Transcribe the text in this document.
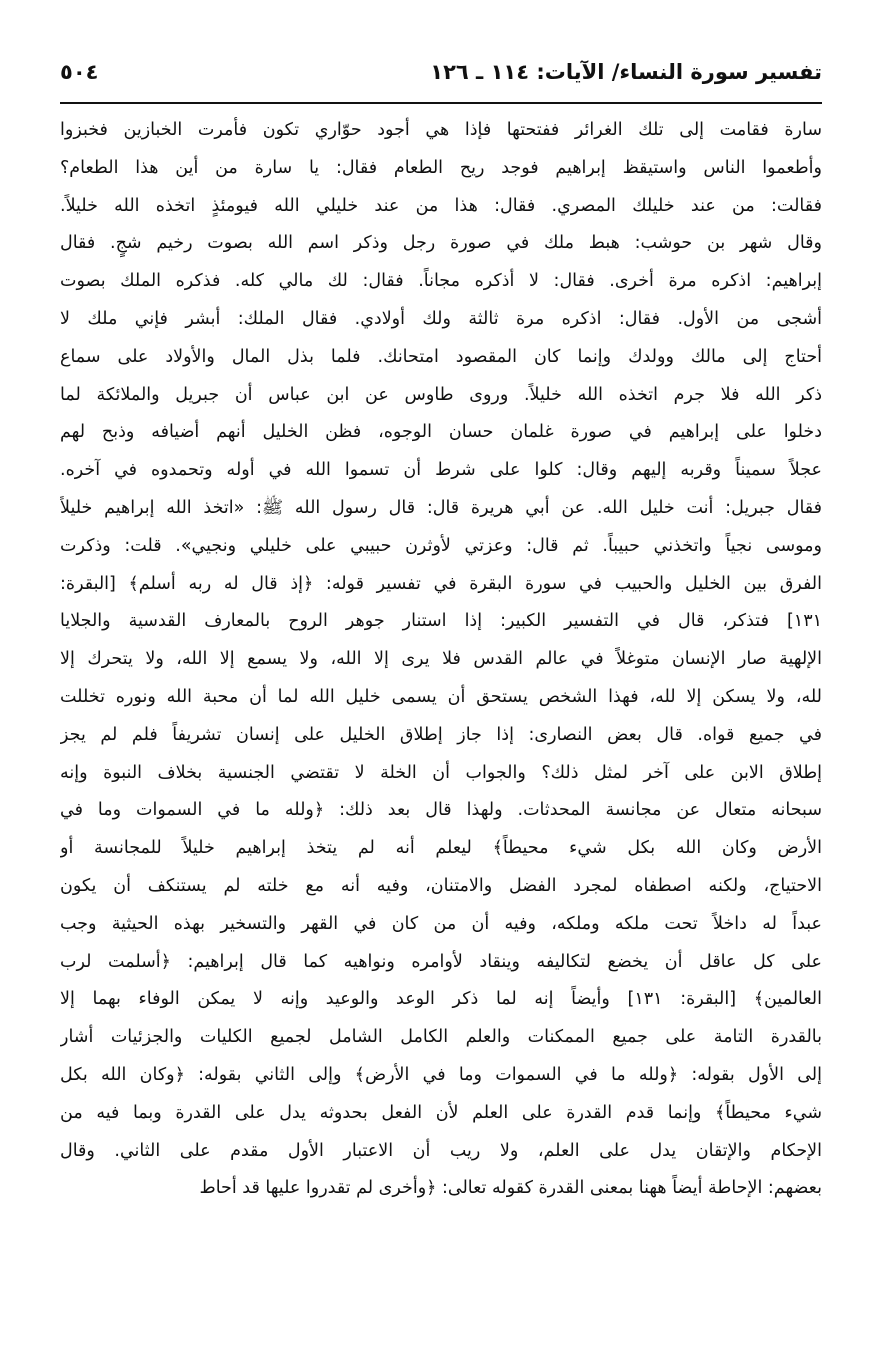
تفسير سورة النساء/ الآيات: ١١٤ ـ ١٢٦
٥٠٤
سارة فقامت إلى تلك الغرائر ففتحتها فإذا هي أجود حوّاري تكون فأمرت الخبازين فخبزوا
وأطعموا الناس واستيقظ إبراهيم فوجد ريح الطعام فقال: يا سارة من أين هذا الطعام؟
فقالت: من عند خليلك المصري. فقال: هذا من عند خليلي الله فيومئذٍ اتخذه الله خليلاً.
وقال شهر بن حوشب: هبط ملك في صورة رجل وذكر اسم الله بصوت رخيم شجٍ. فقال
إبراهيم: اذكره مرة أخرى. فقال: لا أذكره مجاناً. فقال: لك مالي كله. فذكره الملك بصوت
أشجى من الأول. فقال: اذكره مرة ثالثة ولك أولادي. فقال الملك: أبشر فإني ملك لا
أحتاج إلى مالك وولدك وإنما كان المقصود امتحانك. فلما بذل المال والأولاد على سماع
ذكر الله فلا جرم اتخذه الله خليلاً. وروى طاوس عن ابن عباس أن جبريل والملائكة لما
دخلوا على إبراهيم في صورة غلمان حسان الوجوه، فظن الخليل أنهم أضيافه وذبح لهم
عجلاً سميناً وقربه إليهم وقال: كلوا على شرط أن تسموا الله في أوله وتحمدوه في آخره.
فقال جبريل: أنت خليل الله. عن أبي هريرة قال: قال رسول الله ﷺ: «اتخذ الله إبراهيم خليلاً
وموسى نجياً واتخذني حبيباً. ثم قال: وعزتي لأوثرن حبيبي على خليلي ونجيي». قلت: وذكرت
الفرق بين الخليل والحبيب في سورة البقرة في تفسير قوله: ﴿إذ قال له ربه أسلم﴾ [البقرة:
١٣١] فتذكر، قال في التفسير الكبير: إذا استنار جوهر الروح بالمعارف القدسية والجلايا
الإلهية صار الإنسان متوغلاً في عالم القدس فلا يرى إلا الله، ولا يسمع إلا الله، ولا يتحرك إلا
لله، ولا يسكن إلا لله، فهذا الشخص يستحق أن يسمى خليل الله لما أن محبة الله ونوره تخللت
في جميع قواه. قال بعض النصارى: إذا جاز إطلاق الخليل على إنسان تشريفاً فلم لم يجز
إطلاق الابن على آخر لمثل ذلك؟ والجواب أن الخلة لا تقتضي الجنسية بخلاف النبوة وإنه
سبحانه متعال عن مجانسة المحدثات. ولهذا قال بعد ذلك: ﴿ولله ما في السموات وما في
الأرض وكان الله بكل شيء محيطاً﴾ ليعلم أنه لم يتخذ إبراهيم خليلاً للمجانسة أو
الاحتياج، ولكنه اصطفاه لمجرد الفضل والامتنان، وفيه أنه مع خلته لم يستنكف أن يكون
عبداً له داخلاً تحت ملكه وملكه، وفيه أن من كان في القهر والتسخير بهذه الحيثية وجب
على كل عاقل أن يخضع لتكاليفه وينقاد لأوامره ونواهيه كما قال إبراهيم: ﴿أسلمت لرب
العالمين﴾ [البقرة: ١٣١] وأيضاً إنه لما ذكر الوعد والوعيد وإنه لا يمكن الوفاء بهما إلا
بالقدرة التامة على جميع الممكنات والعلم الكامل الشامل لجميع الكليات والجزئيات أشار
إلى الأول بقوله: ﴿ولله ما في السموات وما في الأرض﴾ وإلى الثاني بقوله: ﴿وكان الله بكل
شيء محيطاً﴾ وإنما قدم القدرة على العلم لأن الفعل بحدوثه يدل على القدرة وبما فيه من
الإحكام والإتقان يدل على العلم، ولا ريب أن الاعتبار الأول مقدم على الثاني. وقال
بعضهم: الإحاطة أيضاً ههنا بمعنى القدرة كقوله تعالى: ﴿وأخرى لم تقدروا عليها قد أحاط
